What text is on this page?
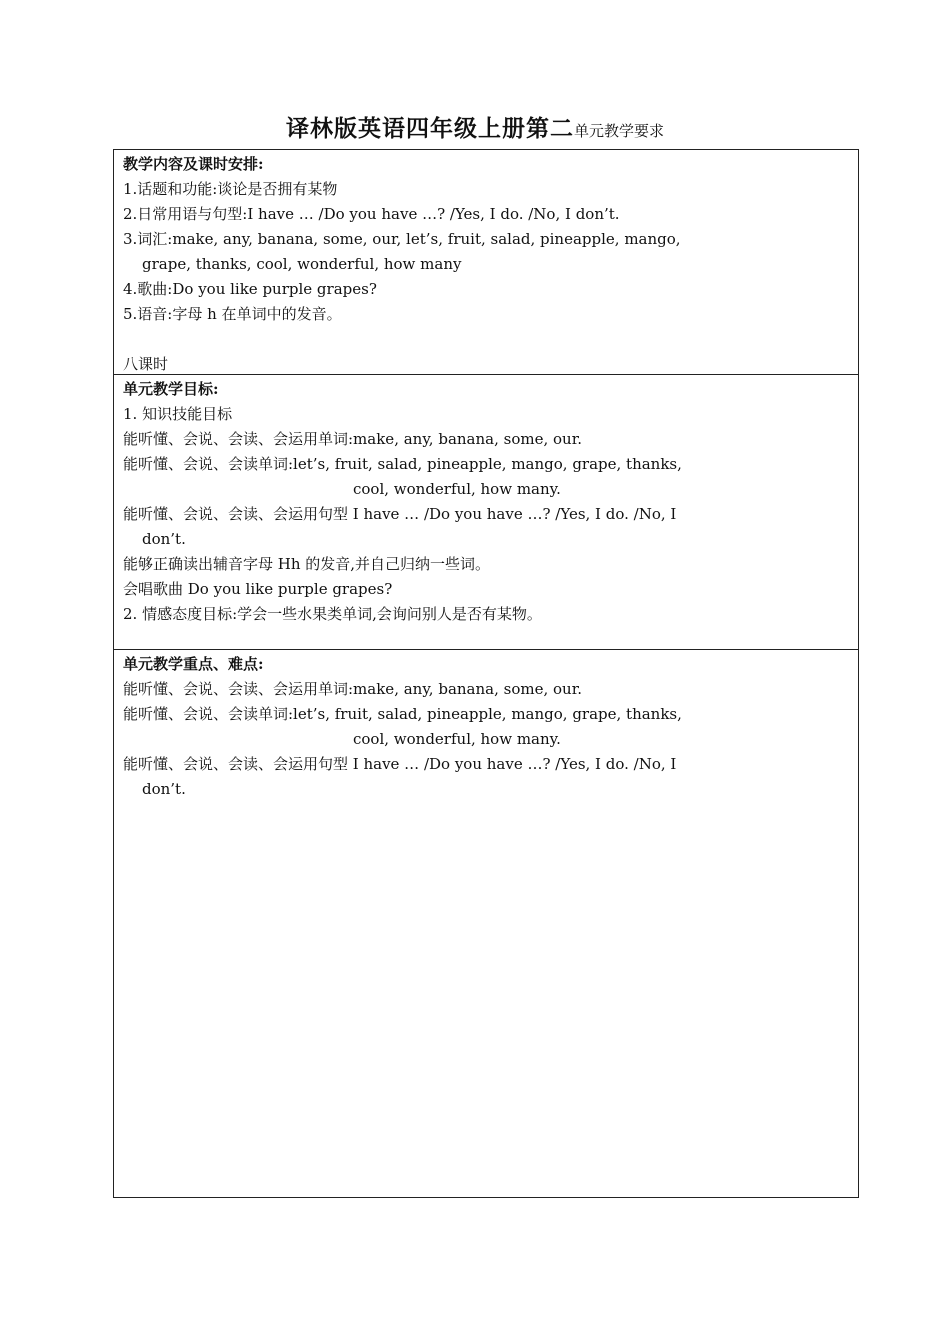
译林版英语四年级上册第二单元教学要求
教学内容及课时安排:
1.话题和功能:谈论是否拥有某物
2.日常用语与句型:I have … /Do you have …? /Yes, I do. /No, I don’t.
3.词汇:make, any, banana, some, our, let’s, fruit, salad, pineapple, mango,
grape, thanks, cool, wonderful, how many
4.歌曲:Do you like purple grapes?
5.语音:字母 h 在单词中的发音。
八课时
单元教学目标:
1. 知识技能目标
能听懂、会说、会读、会运用单词:make, any, banana, some, our.
能听懂、会说、会读单词:let’s, fruit, salad, pineapple, mango, grape, thanks,
cool, wonderful, how many.
能听懂、会说、会读、会运用句型 I have … /Do you have …? /Yes, I do. /No, I
don’t.
能够正确读出辅音字母 Hh 的发音,并自己归纳一些词。
会唱歌曲 Do you like purple grapes?
2. 情感态度目标:学会一些水果类单词,会询问别人是否有某物。
单元教学重点、难点:
能听懂、会说、会读、会运用单词:make, any, banana, some, our.
能听懂、会说、会读单词:let’s, fruit, salad, pineapple, mango, grape, thanks,
cool, wonderful, how many.
能听懂、会说、会读、会运用句型 I have … /Do you have …? /Yes, I do. /No, I
don’t.
